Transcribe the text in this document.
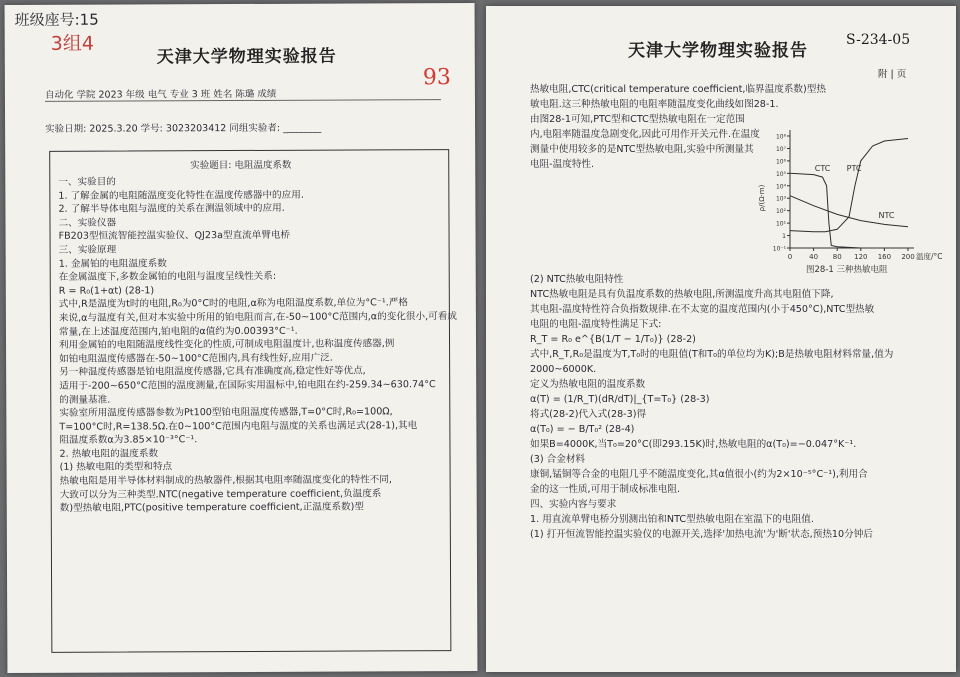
班级座号:15
3组4
天津大学物理实验报告
93
自动化 学院 2023 年级 电气 专业 3 班 姓名 陈璐 成绩
实验日期: 2025.3.20 学号: 3023203412 同组实验者: ________
实验题目: 电阻温度系数
一、实验目的
1. 了解金属的电阻随温度变化特性在温度传感器中的应用.
2. 了解半导体电阻与温度的关系在测温领域中的应用.
二、实验仪器
FB203型恒流智能控温实验仪、QJ23a型直流单臂电桥
三、实验原理
1. 金属铂的电阻温度系数
在金属温度下,多数金属铂的电阻与温度呈线性关系:
R = R₀(1+αt) (28-1)
式中,R是温度为t时的电阻,R₀为0°C时的电阻,α称为电阻温度系数,单位为°C⁻¹.严格
来说,α与温度有关,但对本实验中所用的铂电阻而言,在-50~100°C范围内,α的变化很小,可看成
常量,在上述温度范围内,铂电阻的α值约为0.00393°C⁻¹.
利用金属铂的电阻随温度线性变化的性质,可制成电阻温度计,也称温度传感器,例
如铂电阻温度传感器在-50~100°C范围内,具有线性好,应用广泛.
另一种温度传感器是铂电阻温度传感器,它具有准确度高,稳定性好等优点,
适用于-200~650°C范围的温度测量,在国际实用温标中,铂电阻在约-259.34~630.74°C
的测量基准.
实验室所用温度传感器参数为Pt100型铂电阻温度传感器,T=0°C时,R₀=100Ω,
T=100°C时,R=138.5Ω.在0~100°C范围内电阻与温度的关系也满足式(28-1),其电
阻温度系数α为3.85×10⁻³°C⁻¹.
2. 热敏电阻的温度系数
(1) 热敏电阻的类型和特点
热敏电阻是用半导体材料制成的热敏器件,根据其电阻率随温度变化的特性不同,
大致可以分为三种类型.NTC(negative temperature coefficient,负温度系
数)型热敏电阻,PTC(positive temperature coefficient,正温度系数)型
天津大学物理实验报告
S-234-05
附 | 页
热敏电阻,CTC(critical temperature coefficient,临界温度系数)型热
敏电阻.这三种热敏电阻的电阻率随温度变化曲线如图28-1.
由图28-1可知,PTC型和CTC型热敏电阻在一定范围
内,电阻率随温度急剧变化,因此可用作开关元件.在温度
测量中使用较多的是NTC型热敏电阻,实验中所测量其
电阻-温度特性.
0 40 80 120 160 200
10⁸
10⁷
10⁶
10⁵
10⁴
10³
10²
10¹
1
10⁻¹
温度/°C
ρ/(Ω·m)
CTC PTC
NTC
图28-1 三种热敏电阻
(2) NTC热敏电阻特性
NTC热敏电阻是具有负温度系数的热敏电阻,所测温度升高其电阻值下降,
其电阻-温度特性符合负指数规律.在不太宽的温度范围内(小于450°C),NTC型热敏
电阻的电阻-温度特性满足下式:
R_T = R₀ e^{B(1/T − 1/T₀)} (28-2)
式中,R_T,R₀是温度为T,T₀时的电阻值(T和T₀的单位均为K);B是热敏电阻材料常量,值为
2000~6000K.
定义为热敏电阻的温度系数
α(T) = (1/R_T)(dR/dT)|_{T=T₀} (28-3)
将式(28-2)代入式(28-3)得
α(T₀) = − B/T₀² (28-4)
如果B=4000K,当T₀=20°C(即293.15K)时,热敏电阻的α(T₀)=−0.047°K⁻¹.
(3) 合金材料
康铜,锰铜等合金的电阻几乎不随温度变化,其α值很小(约为2×10⁻⁵°C⁻¹),利用合
金的这一性质,可用于制成标准电阻.
四、实验内容与要求
1. 用直流单臂电桥分别测出铂和NTC型热敏电阻在室温下的电阻值.
(1) 打开恒流智能控温实验仪的电源开关,选择'加热电流'为'断'状态,预热10分钟后
